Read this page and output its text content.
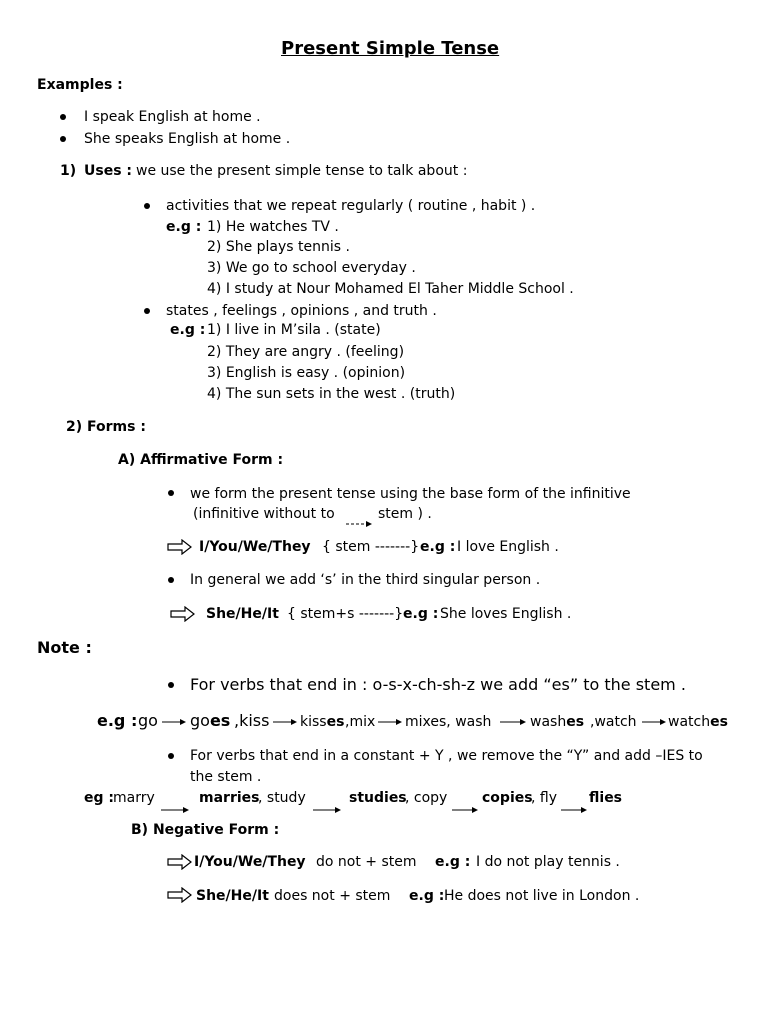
Present Simple Tense
Examples :
I speak English at home .
She speaks English at home .
1) Uses : we use the present simple tense to talk about :
activities that we repeat regularly ( routine , habit ) .
e.g : 1) He watches TV .
2) She plays tennis .
3) We go to school everyday .
4) I study at Nour Mohamed El Taher Middle School .
states , feelings , opinions , and truth .
e.g : 1) I live in M’sila . (state)
2) They are angry . (feeling)
3) English is easy . (opinion)
4) The sun sets in the west . (truth)
2) Forms :
A) Affirmative Form :
we form the present tense using the base form of the infinitive
(infinitive without to	stem ) .
I/You/We/They { stem -------} e.g : I love English .
In general we add ‘s’ in the third singular person .
She/He/It { stem+s -------} e.g : She loves English .
Note :
For verbs that end in : o-s-x-ch-sh-z we add “es” to the stem .
e.g : go goes ,kiss kisses ,mix mixes, wash	washes ,watch watches
For verbs that end in a constant + Y , we remove the “Y” and add –IES to
the stem .
eg : marry	marries
, study	studies
, copy copies
, fly flies
B) Negative Form :
I/You/We/They do not + stem e.g : I do not play tennis .
She/He/It does not + stem e.g : He does not live in London .
